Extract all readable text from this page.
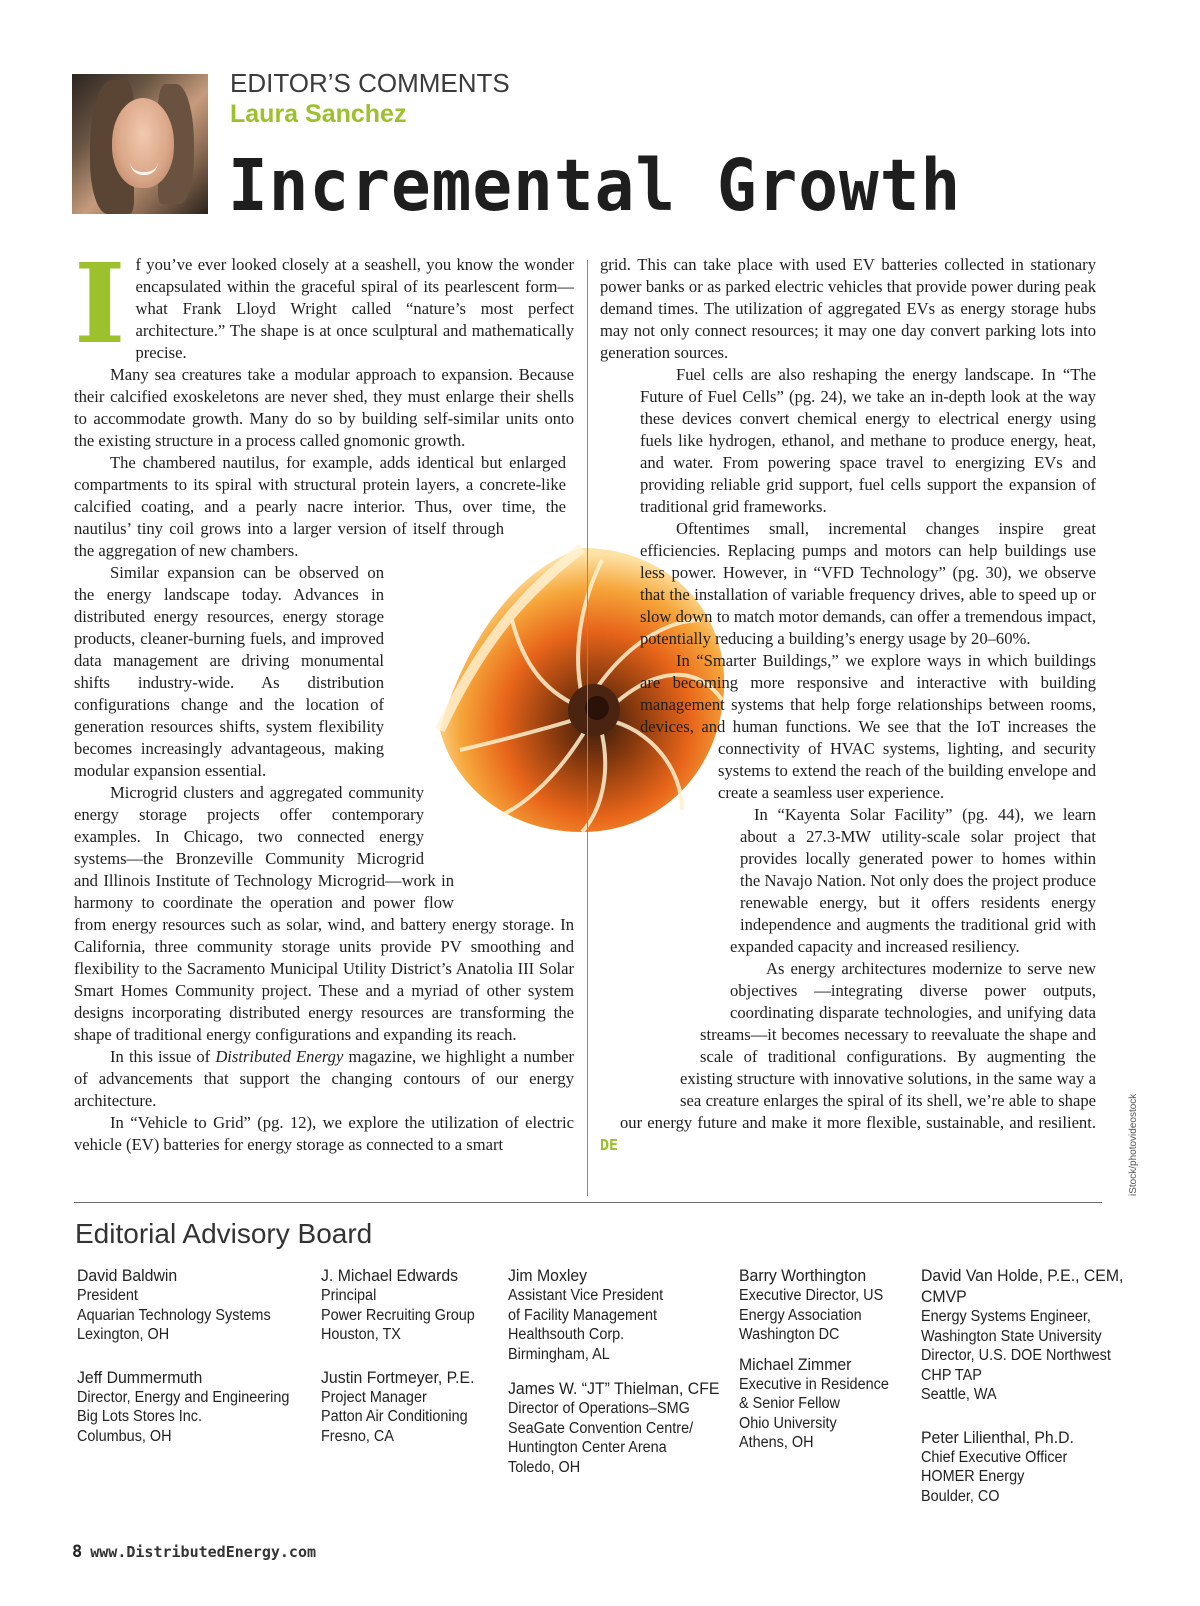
EDITOR’S COMMENTS
Laura Sanchez
Incremental Growth
I f you’ve ever looked closely at a seashell, you know the wonder encapsulated within the graceful spiral of its pearlescent form—what Frank Lloyd Wright called “nature’s most perfect architecture.” The shape is at once sculptural and mathematically precise.

Many sea creatures take a modular approach to expansion. Because their calcified exoskeletons are never shed, they must enlarge their shells to accommodate growth. Many do so by building self-similar units onto the existing structure in a process called gnomonic growth.

The chambered nautilus, for example, adds identical but enlarged compartments to its spiral with structural protein layers, a concrete-like calcified coating, and a pearly nacre interior. Thus, over time, the nautilus’ tiny coil grows into a larger version of itself through the aggregation of new chambers.

Similar expansion can be observed on the energy landscape today. Advances in distributed energy resources, energy storage products, cleaner-burning fuels, and improved data management are driving monumental shifts industry-wide. As distribution configurations change and the location of generation resources shifts, system flexibility becomes increasingly advantageous, making modular expansion essential.

Microgrid clusters and aggregated community energy storage projects offer contemporary examples. In Chicago, two connected energy systems—the Bronzeville Community Microgrid and Illinois Institute of Technology Microgrid—work in harmony to coordinate the operation and power flow from energy resources such as solar, wind, and battery energy storage. In California, three community storage units provide PV smoothing and flexibility to the Sacramento Municipal Utility District’s Anatolia III Solar Smart Homes Community project. These and a myriad of other system designs incorporating distributed energy resources are transforming the shape of traditional energy configurations and expanding its reach.

In this issue of Distributed Energy magazine, we highlight a number of advancements that support the changing contours of our energy architecture.

In “Vehicle to Grid” (pg. 12), we explore the utilization of electric vehicle (EV) batteries for energy storage as connected to a smart

grid. This can take place with used EV batteries collected in stationary power banks or as parked electric vehicles that provide power during peak demand times. The utilization of aggregated EVs as energy storage hubs may not only connect resources; it may one day convert parking lots into generation sources.

Fuel cells are also reshaping the energy landscape. In “The Future of Fuel Cells” (pg. 24), we take an in-depth look at the way these devices convert chemical energy to electrical energy using fuels like hydrogen, ethanol, and methane to produce energy, heat, and water. From powering space travel to energizing EVs and providing reliable grid support, fuel cells support the expansion of traditional grid frameworks.

Oftentimes small, incremental changes inspire great efficiencies. Replacing pumps and motors can help buildings use less power. However, in “VFD Technology” (pg. 30), we observe that the installation of variable frequency drives, able to speed up or slow down to match motor demands, can offer a tremendous impact, potentially reducing a building’s energy usage by 20–60%.

In “Smarter Buildings,” we explore ways in which buildings are becoming more responsive and interactive with building management systems that help forge relationships between rooms, devices, and human functions. We see that the IoT increases the connectivity of HVAC systems, lighting, and security systems to extend the reach of the building envelope and create a seamless user experience.

In “Kayenta Solar Facility” (pg. 44), we learn about a 27.3-MW utility-scale solar project that provides locally generated power to homes within the Navajo Nation. Not only does the project produce renewable energy, but it offers residents energy independence and augments the traditional grid with expanded capacity and increased resiliency.

As energy architectures modernize to serve new objectives —integrating diverse power outputs, coordinating disparate technologies, and unifying data streams—it becomes necessary to reevaluate the shape and scale of traditional configurations. By augmenting the existing structure with innovative solutions, in the same way a sea creature enlarges the spiral of its shell, we’re able to shape our energy future and make it more flexible, sustainable, and resilient. DE	iStock/photovideostock
Editorial Advisory Board
David Baldwin
President
Aquarian Technology Systems
Lexington, OH
Jeff Dummermuth
Director, Energy and Engineering
Big Lots Stores Inc.
Columbus, OH
J. Michael Edwards
Principal
Power Recruiting Group
Houston, TX
Justin Fortmeyer, P.E.
Project Manager
Patton Air Conditioning
Fresno, CA
Jim Moxley
Assistant Vice President
of Facility Management
Healthsouth Corp.
Birmingham, AL
James W. “JT” Thielman, CFE
Director of Operations–SMG
SeaGate Convention Centre/
Huntington Center Arena
Toledo, OH
Barry Worthington
Executive Director, US
Energy Association
Washington DC
Michael Zimmer
Executive in Residence
& Senior Fellow
Ohio University
Athens, OH
David Van Holde, P.E., CEM,
CMVP
Energy Systems Engineer,
Washington State University
Director, U.S. DOE Northwest
CHP TAP
Seattle, WA
Peter Lilienthal, Ph.D.
Chief Executive Officer
HOMER Energy
Boulder, CO
8 www.DistributedEnergy.com
